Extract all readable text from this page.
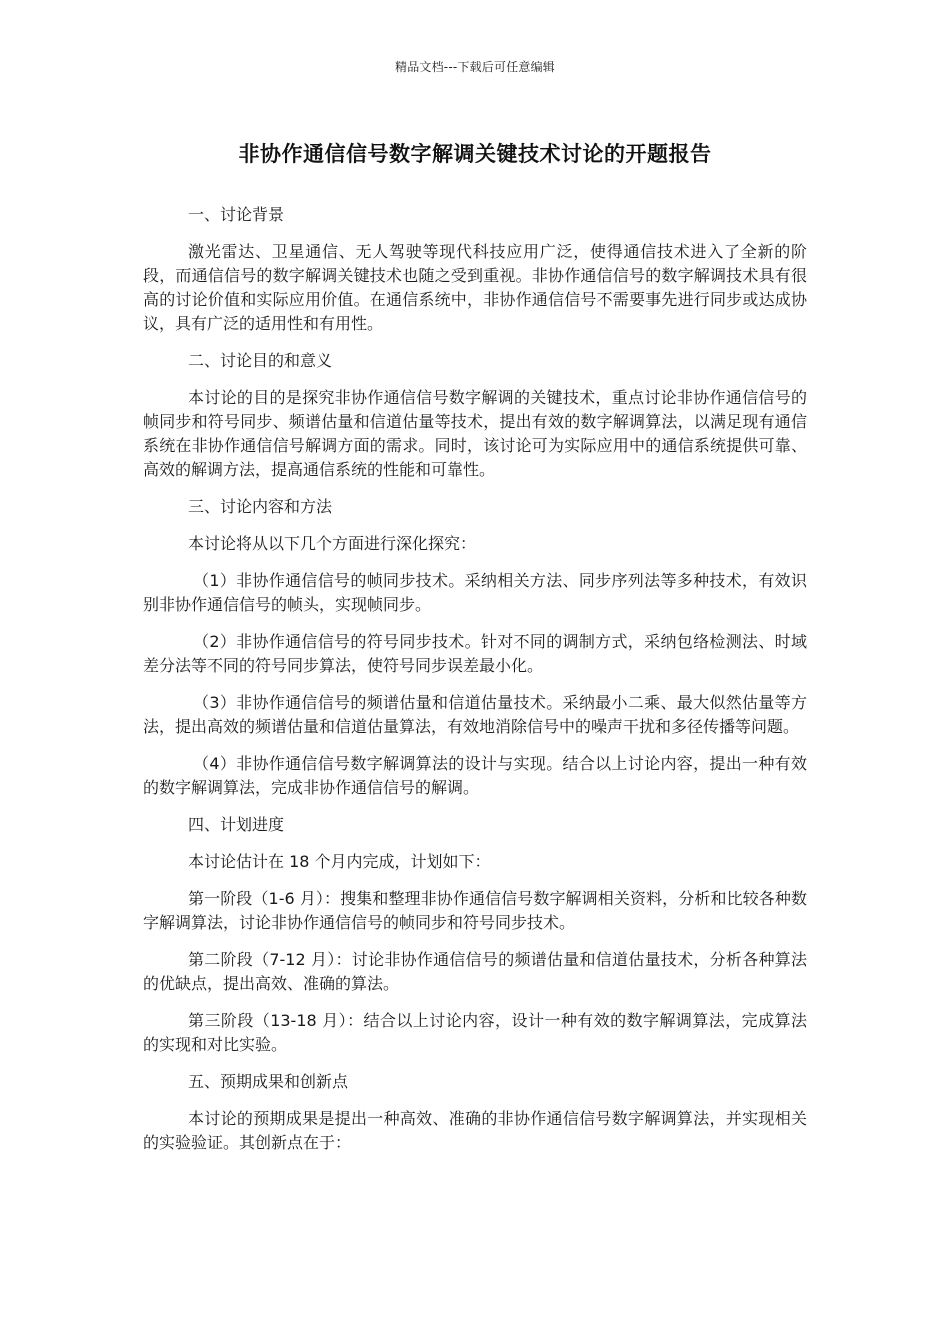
精品文档---下载后可任意编辑
非协作通信信号数字解调关键技术讨论的开题报告
一、讨论背景

激光雷达、卫星通信、无人驾驶等现代科技应用广泛，使得通信技术进入了全新的阶段，而通信信号的数字解调关键技术也随之受到重视。非协作通信信号的数字解调技术具有很高的讨论价值和实际应用价值。在通信系统中，非协作通信信号不需要事先进行同步或达成协议，具有广泛的适用性和有用性。

二、讨论目的和意义

本讨论的目的是探究非协作通信信号数字解调的关键技术，重点讨论非协作通信信号的帧同步和符号同步、频谱估量和信道估量等技术，提出有效的数字解调算法，以满足现有通信系统在非协作通信信号解调方面的需求。同时，该讨论可为实际应用中的通信系统提供可靠、高效的解调方法，提高通信系统的性能和可靠性。

三、讨论内容和方法

本讨论将从以下几个方面进行深化探究：

（1）非协作通信信号的帧同步技术。采纳相关方法、同步序列法等多种技术，有效识别非协作通信信号的帧头，实现帧同步。

（2）非协作通信信号的符号同步技术。针对不同的调制方式，采纳包络检测法、时域差分法等不同的符号同步算法，使符号同步误差最小化。

（3）非协作通信信号的频谱估量和信道估量技术。采纳最小二乘、最大似然估量等方法，提出高效的频谱估量和信道估量算法，有效地消除信号中的噪声干扰和多径传播等问题。

（4）非协作通信信号数字解调算法的设计与实现。结合以上讨论内容，提出一种有效的数字解调算法，完成非协作通信信号的解调。

四、计划进度

本讨论估计在 18 个月内完成，计划如下：

第一阶段（1-6 月）：搜集和整理非协作通信信号数字解调相关资料，分析和比较各种数字解调算法，讨论非协作通信信号的帧同步和符号同步技术。

第二阶段（7-12 月）：讨论非协作通信信号的频谱估量和信道估量技术，分析各种算法的优缺点，提出高效、准确的算法。

第三阶段（13-18 月）：结合以上讨论内容，设计一种有效的数字解调算法，完成算法的实现和对比实验。

五、预期成果和创新点

本讨论的预期成果是提出一种高效、准确的非协作通信信号数字解调算法，并实现相关的实验验证。其创新点在于：
